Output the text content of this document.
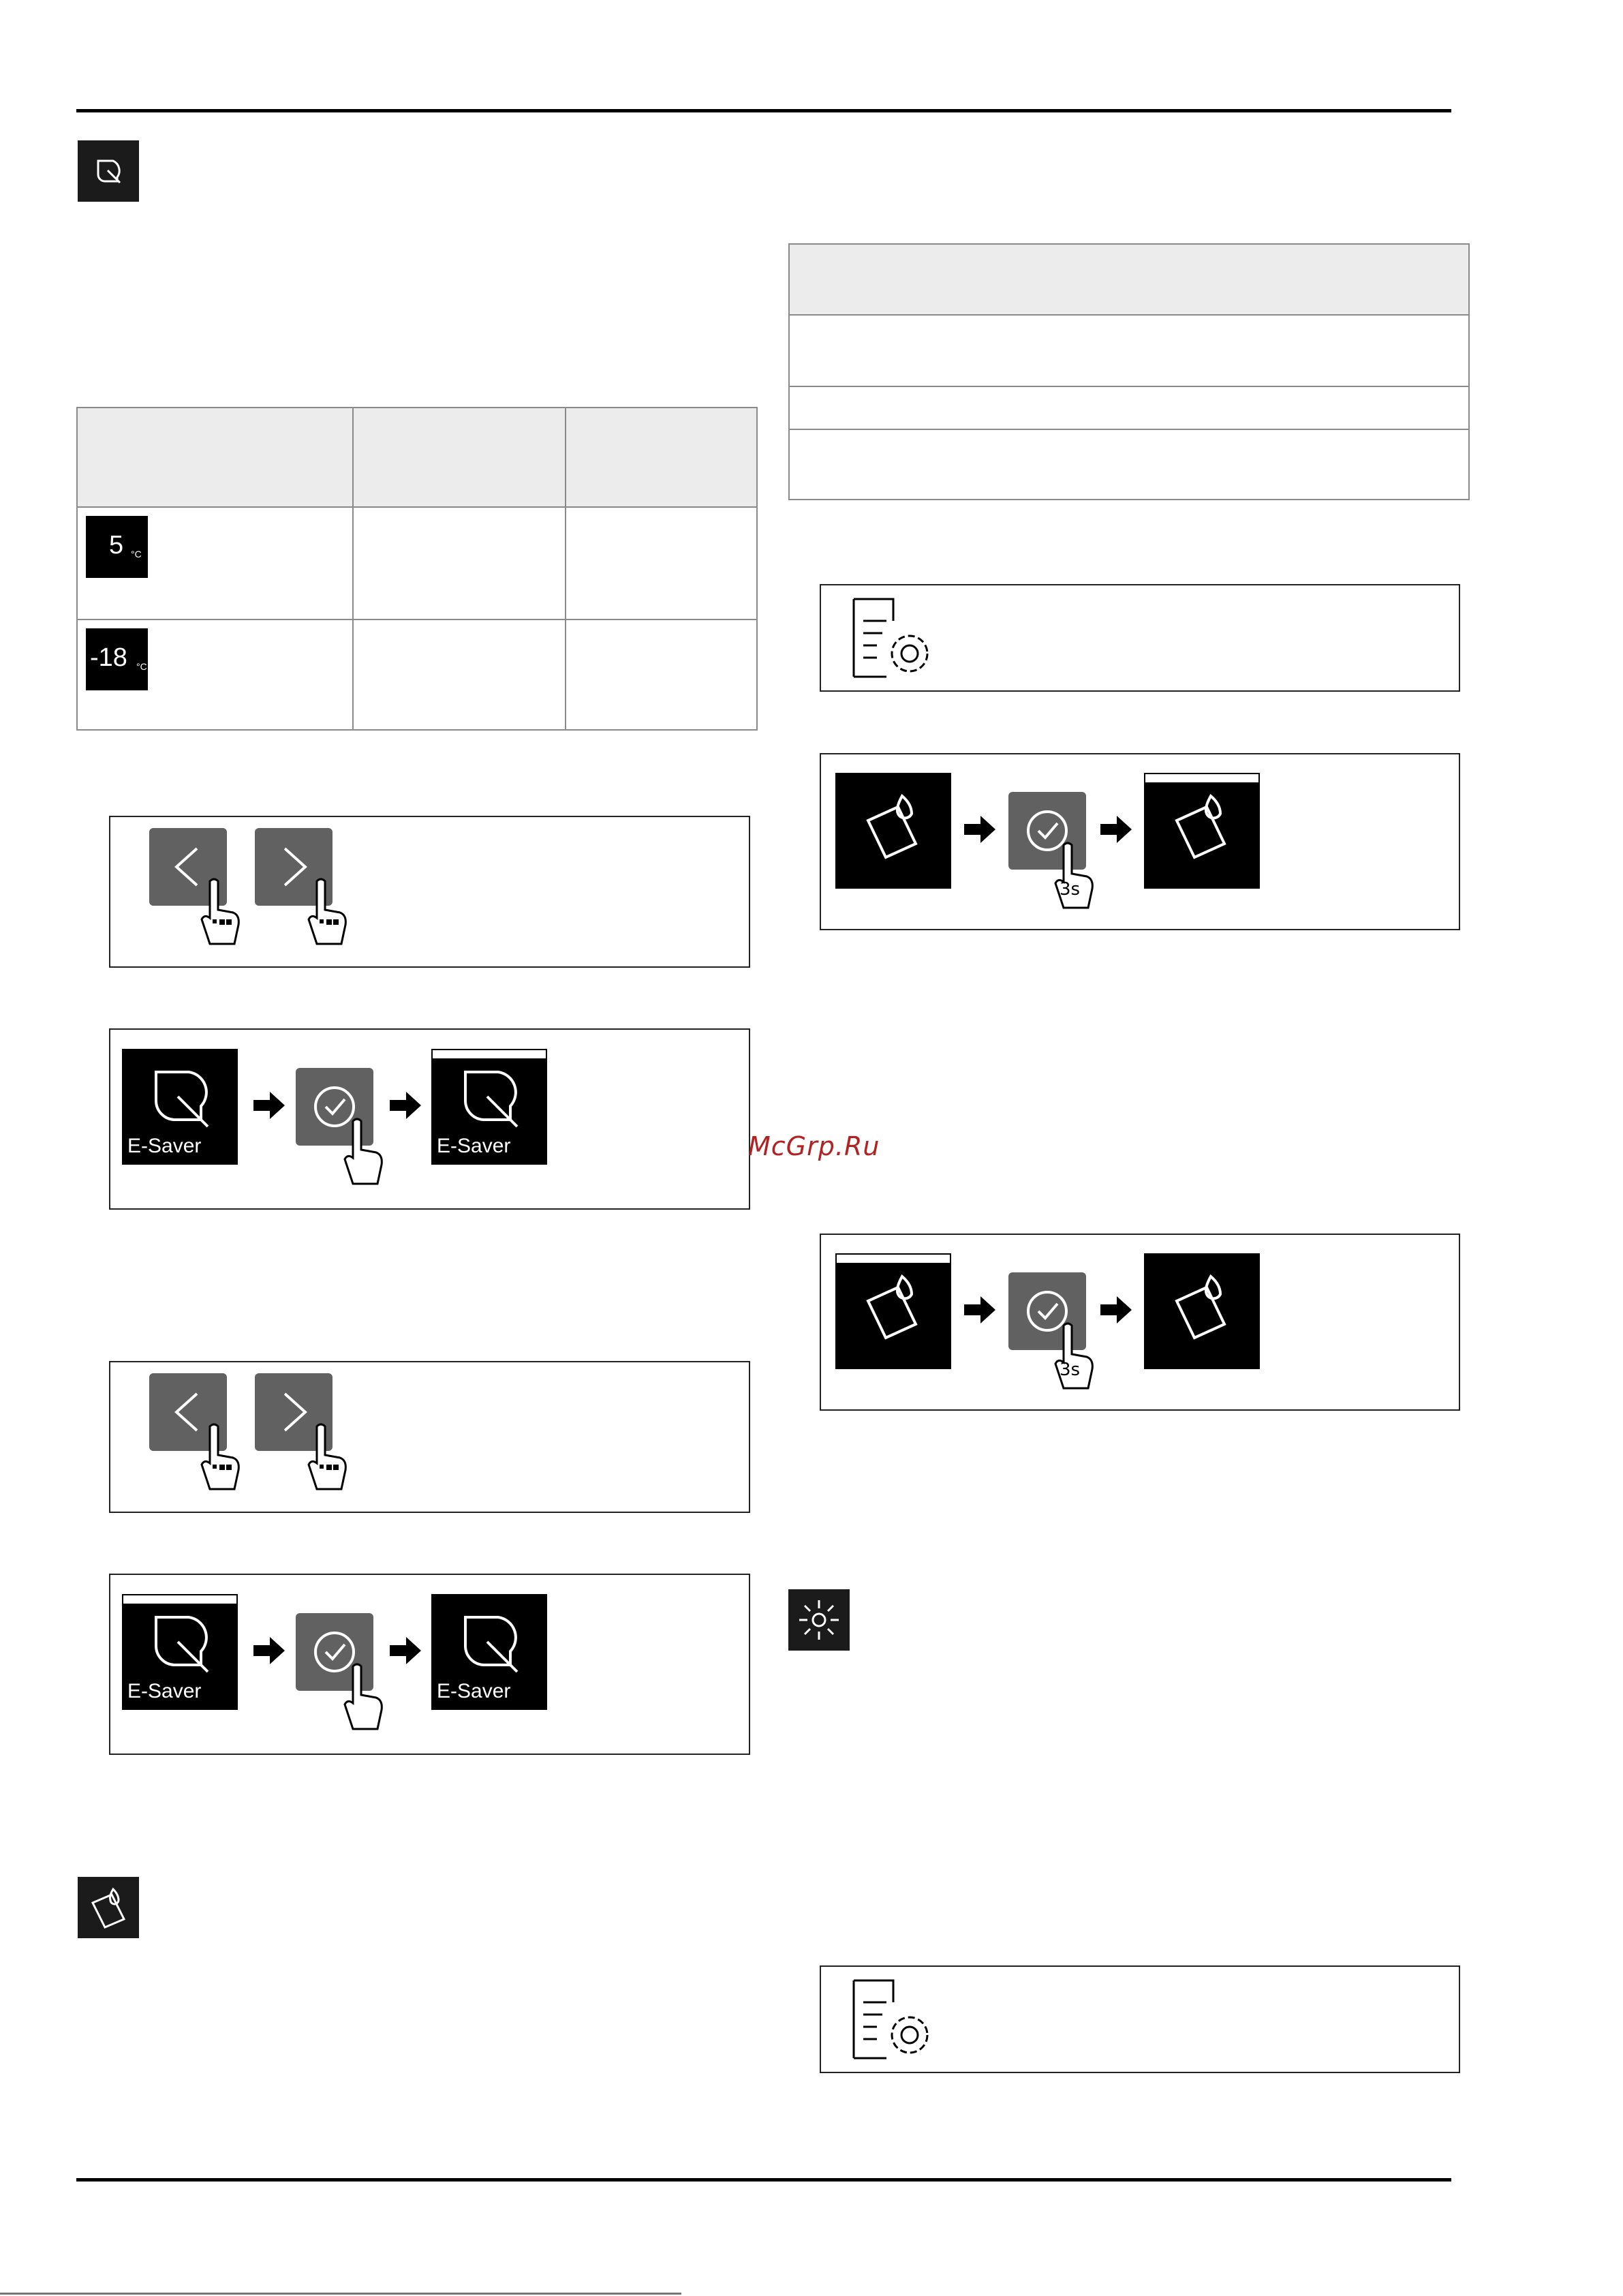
5 °C		

-18 °C		

E-Saver	E-Saver
E-Saver	E-Saver
3s
McGrp.Ru
3s
